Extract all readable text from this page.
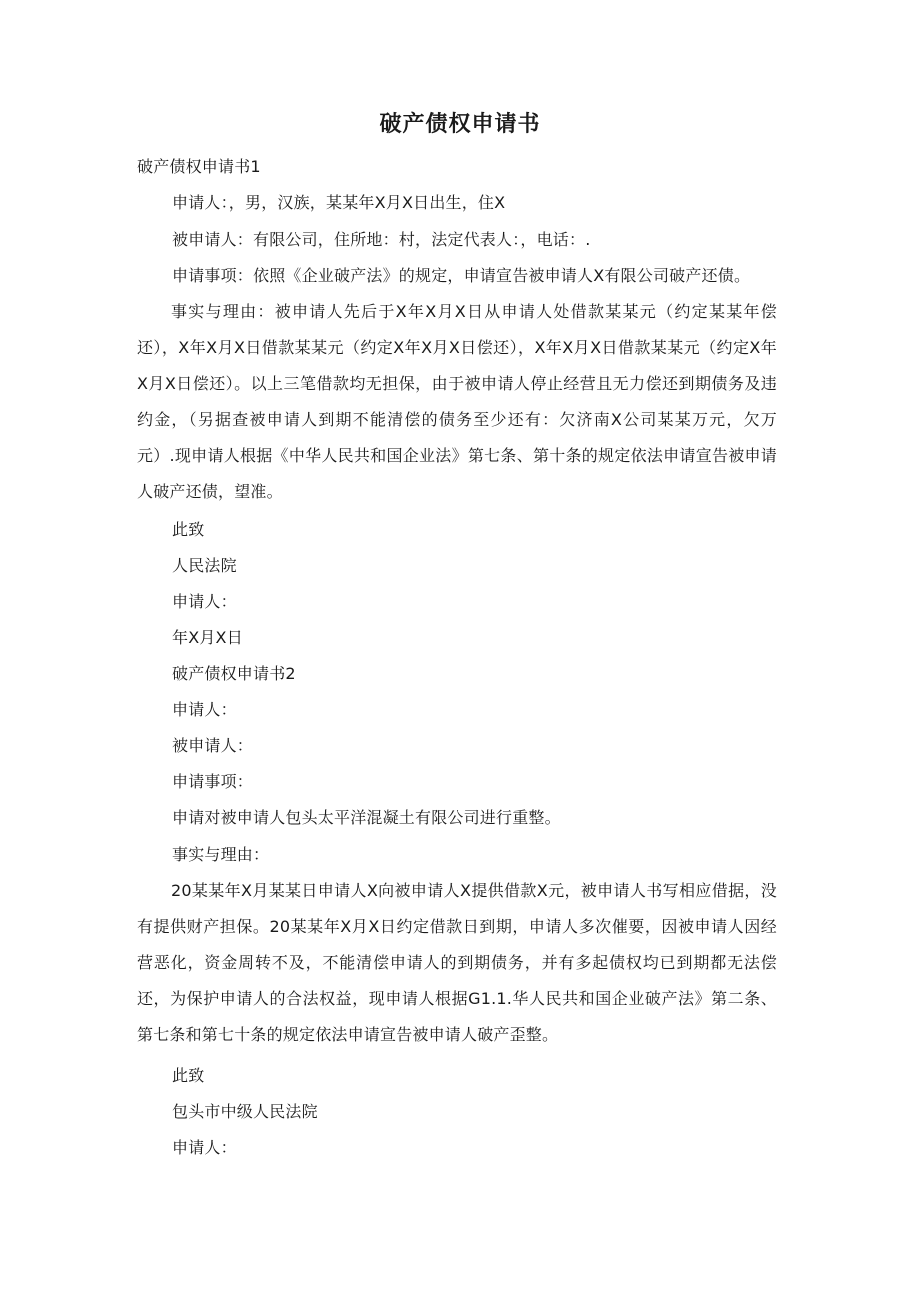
破产债权申请书
破产债权申请书1
申请人：，男，汉族，某某年X月X日出生，住X
被申请人：有限公司，住所地：村，法定代表人：，电话：.
申请事项：依照《企业破产法》的规定，申请宣告被申请人X有限公司破产还债。
事实与理由：被申请人先后于X年X月X日从申请人处借款某某元（约定某某年偿还），X年X月X日借款某某元（约定X年X月X日偿还），X年X月X日借款某某元（约定X年X月X日偿还）。以上三笔借款均无担保，由于被申请人停止经营且无力偿还到期债务及违约金，（另据查被申请人到期不能清偿的债务至少还有：欠济南X公司某某万元，欠万元）.现申请人根据《中华人民共和国企业法》第七条、第十条的规定依法申请宣告被申请人破产还债，望准。
此致
人民法院
申请人：
年X月X日
破产债权申请书2
申请人：
被申请人：
申请事项：
申请对被申请人包头太平洋混凝土有限公司进行重整。
事实与理由：
20某某年X月某某日申请人X向被申请人X提供借款X元，被申请人书写相应借据，没有提供财产担保。20某某年X月X日约定借款日到期，申请人多次催要，因被申请人因经营恶化，资金周转不及，不能清偿申请人的到期债务，并有多起债权均已到期都无法偿还，为保护申请人的合法权益，现申请人根据G1.1.华人民共和国企业破产法》第二条、第七条和第七十条的规定依法申请宣告被申请人破产歪整。
此致
包头市中级人民法院
申请人：
